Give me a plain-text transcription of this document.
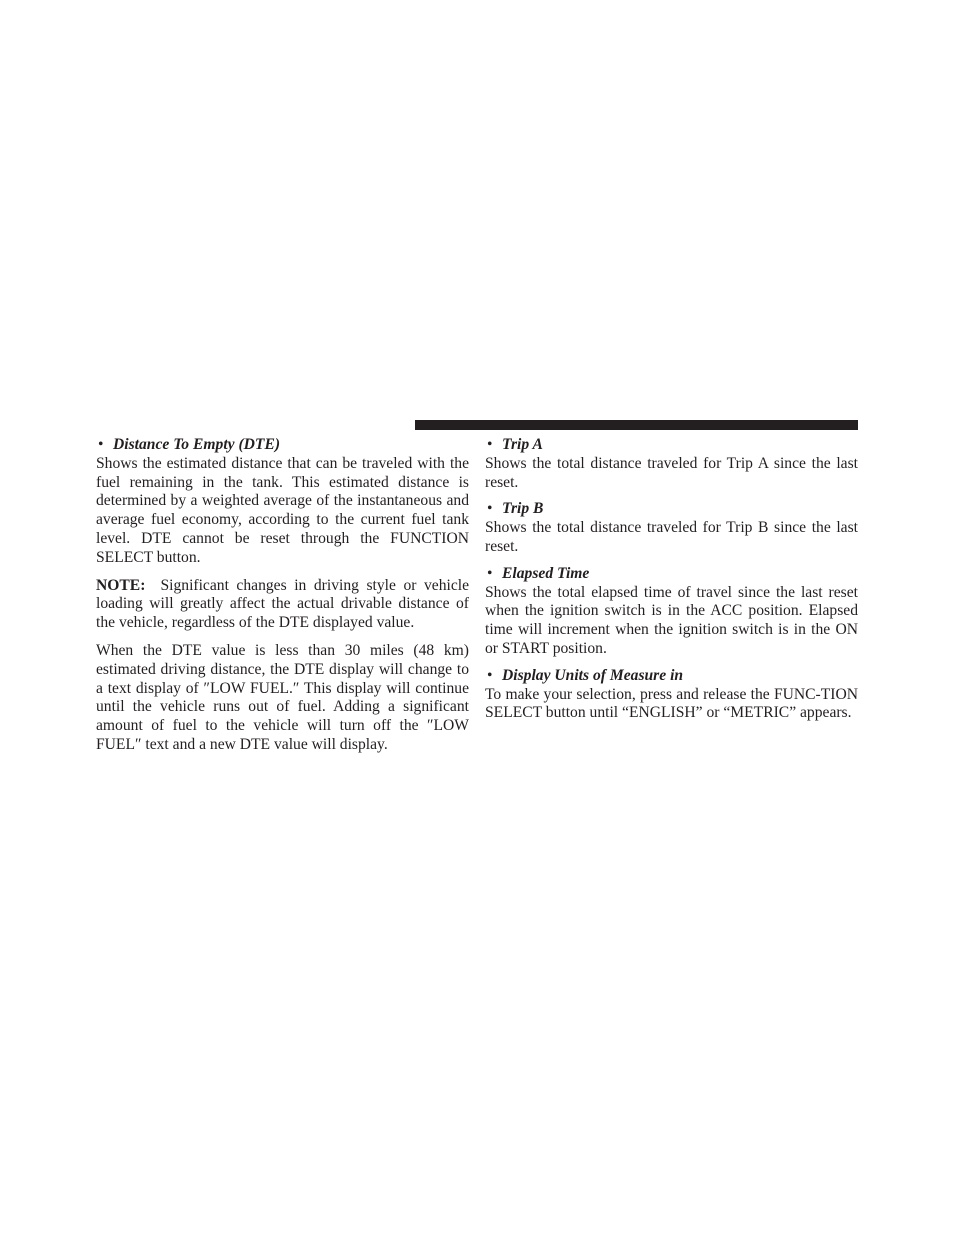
• Distance To Empty (DTE)

Shows the estimated distance that can be traveled with the fuel remaining in the tank. This estimated distance is determined by a weighted average of the instantaneous and average fuel economy, according to the current fuel tank level. DTE cannot be reset through the FUNCTION SELECT button.

NOTE: Significant changes in driving style or vehicle loading will greatly affect the actual drivable distance of the vehicle, regardless of the DTE displayed value.

When the DTE value is less than 30 miles (48 km) estimated driving distance, the DTE display will change to a text display of ″LOW FUEL.″ This display will continue until the vehicle runs out of fuel. Adding a significant amount of fuel to the vehicle will turn off the ″LOW FUEL″ text and a new DTE value will display.

• Trip A

Shows the total distance traveled for Trip A since the last reset.

• Trip B

Shows the total distance traveled for Trip B since the last reset.

• Elapsed Time

Shows the total elapsed time of travel since the last reset when the ignition switch is in the ACC position. Elapsed time will increment when the ignition switch is in the ON or START position.

• Display Units of Measure in

To make your selection, press and release the FUNC-TION SELECT button until “ENGLISH” or “METRIC” appears.
